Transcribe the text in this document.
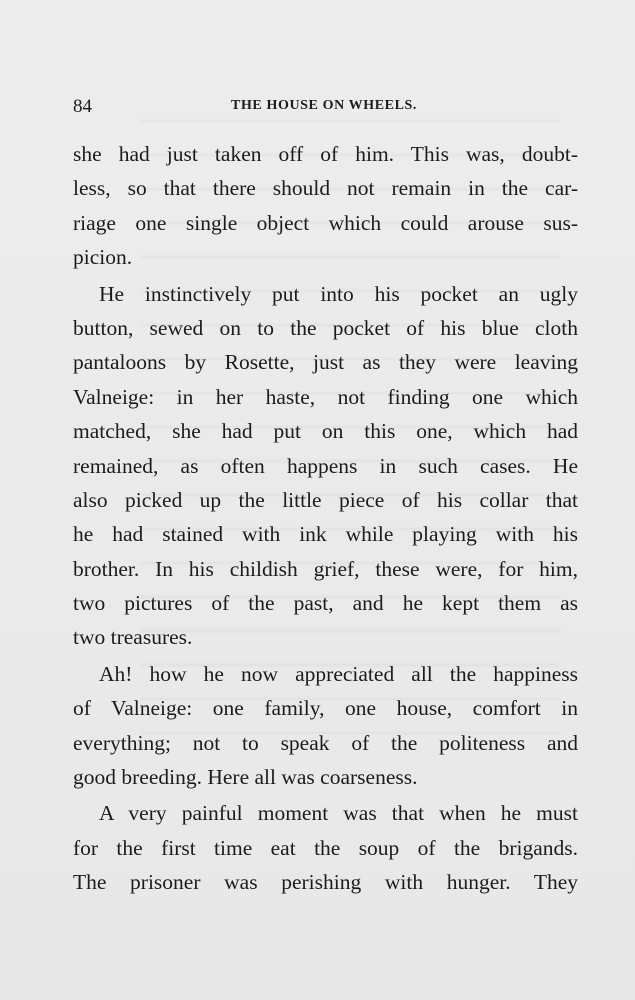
84	THE HOUSE ON WHEELS.
she had just taken off of him. This was, doubt-
less, so that there should not remain in the car-
riage one single object which could arouse sus-
picion.
He instinctively put into his pocket an ugly
button, sewed on to the pocket of his blue cloth
pantaloons by Rosette, just as they were leaving
Valneige: in her haste, not finding one which
matched, she had put on this one, which had
remained, as often happens in such cases. He
also picked up the little piece of his collar that
he had stained with ink while playing with his
brother. In his childish grief, these were, for him,
two pictures of the past, and he kept them as
two treasures.
Ah! how he now appreciated all the happiness
of Valneige: one family, one house, comfort in
everything; not to speak of the politeness and
good breeding. Here all was coarseness.
A very painful moment was that when he must
for the first time eat the soup of the brigands.
The prisoner was perishing with hunger. They
